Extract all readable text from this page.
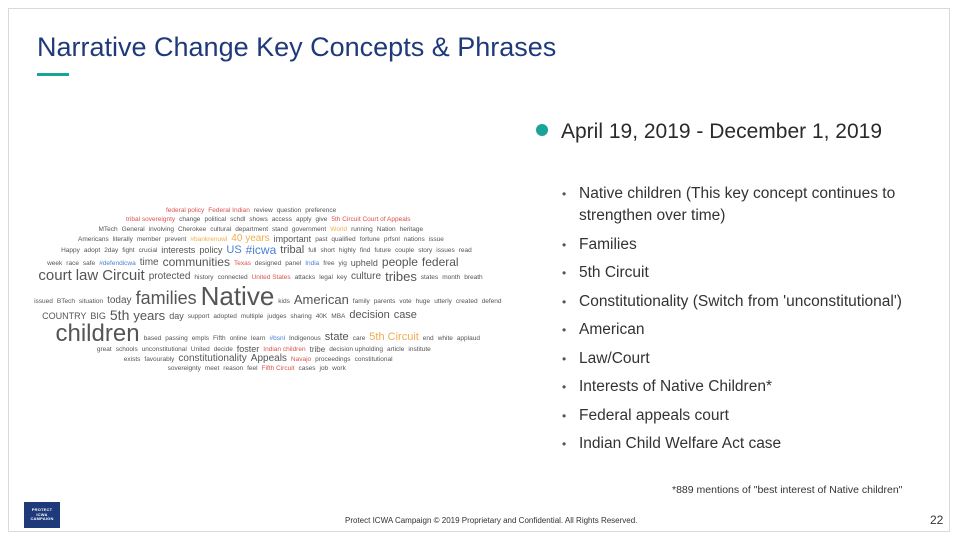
Narrative Change Key Concepts & Phrases
federal policy Federal Indian review question preference
tribal sovereignty change political schdl shows access apply give 5th Circuit Court of Appeals
MTech General involving Cherokee cultural department stand government World running Nation heritage
Americans literally member prevent #bankrenuwl 40 years important past qualified fortune prfsnl nations issue
Happy adopt 2day fight crucial interests policy US #icwa tribal full short highly find future couple story issues read
week race safe #defendicwa time communities Texas designed panel India free yig upheld people federal
court law Circuit protected history connected United States attacks legal key culture tribes states month breath
issued BTech situation today families Native kids American family parents vote huge utterly created defend
COUNTRY BIG 5th years day support adopted multiple judges sharing 40K MBA decision case
children based passing empls Fifth online learn #bsnl Indigenous state care 5th Circuit end white applaud
great schools unconstitutional United decide foster Indian children tribe decision upholding article institute
exists favourably constitutionality Appeals Navajo proceedings constitutional
sovereignty meet reason feel Fifth Circuit cases job work
April 19, 2019 - December 1, 2019
• Native children (This key concept continues to strengthen over time)
• Families
• 5th Circuit
• Constitutionality (Switch from 'unconstitutional')
• American
• Law/Court
• Interests of Native Children*
• Federal appeals court
• Indian Child Welfare Act case
*889 mentions of "best interest of Native children"
PROTECT
ICWA
CAMPAIGN	Protect ICWA Campaign © 2019 Proprietary and Confidential. All Rights Reserved.	22
